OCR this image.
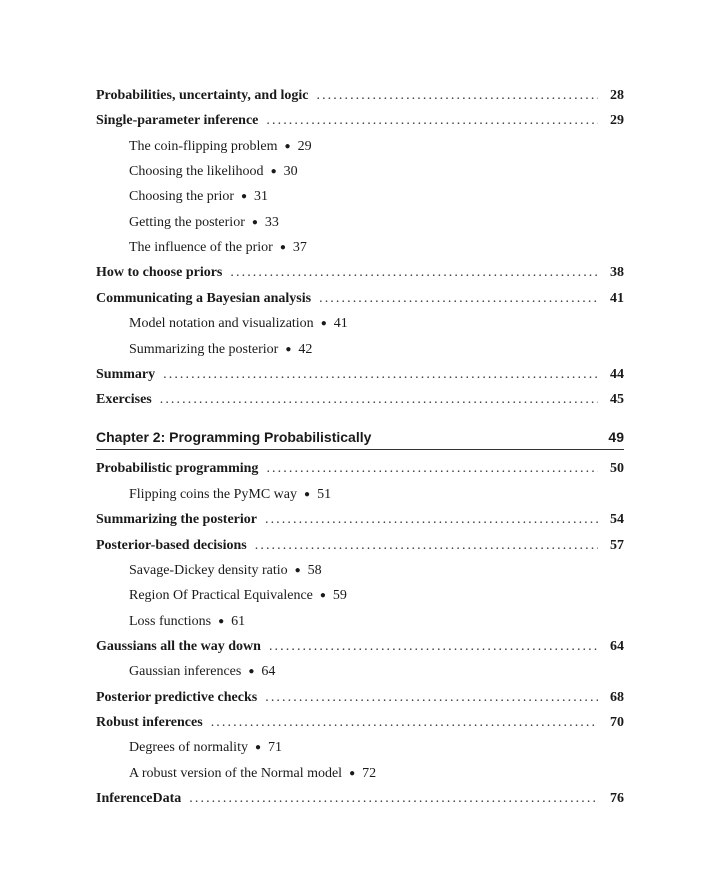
Probabilities, uncertainty, and logic . . .	28
Single-parameter inference . . .	29
The coin-flipping problem ● 29
Choosing the likelihood ● 30
Choosing the prior ● 31
Getting the posterior ● 33
The influence of the prior ● 37
How to choose priors . . .	38
Communicating a Bayesian analysis . . .	41
Model notation and visualization ● 41
Summarizing the posterior ● 42
Summary . . .	44
Exercises . . .	45
Chapter 2: Programming Probabilistically	49
Probabilistic programming . . .	50
Flipping coins the PyMC way ● 51
Summarizing the posterior . . .	54
Posterior-based decisions . . .	57
Savage-Dickey density ratio ● 58
Region Of Practical Equivalence ● 59
Loss functions ● 61
Gaussians all the way down . . .	64
Gaussian inferences ● 64
Posterior predictive checks . . .	68
Robust inferences . . .	70
Degrees of normality ● 71
A robust version of the Normal model ● 72
InferenceData . . .	76
